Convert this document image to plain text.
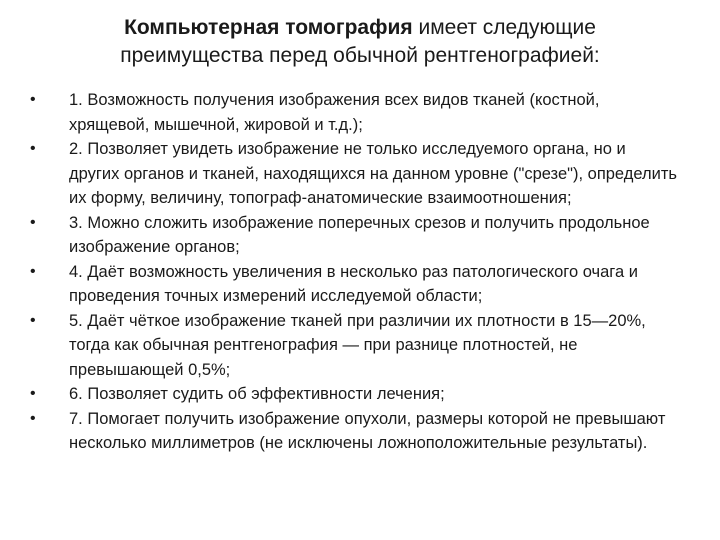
Компьютерная томография имеет следующие
преимущества перед обычной рентгенографией:
• 1. Возможность получения изображения всех видов тканей (костной, хрящевой, мышечной, жировой и т.д.);
• 2. Позволяет увидеть изображение не только исследуемого органа, но и других органов и тканей, находящихся на данном уровне ("срезе"), определить их форму, величину, топограф-анатомические взаимоотношения;
• 3. Можно сложить изображение поперечных срезов и получить продольное изображение органов;
• 4. Даёт возможность увеличения в несколько раз патологического очага и проведения точных измерений исследуемой области;
• 5. Даёт чёткое изображение тканей при различии их плотности в 15—20%, тогда как обычная рентгенография — при разнице плотностей, не превышающей 0,5%;
• 6. Позволяет судить об эффективности лечения;
• 7. Помогает получить изображение опухоли, размеры которой не превышают несколько миллиметров (не исключены ложноположительные результаты).
